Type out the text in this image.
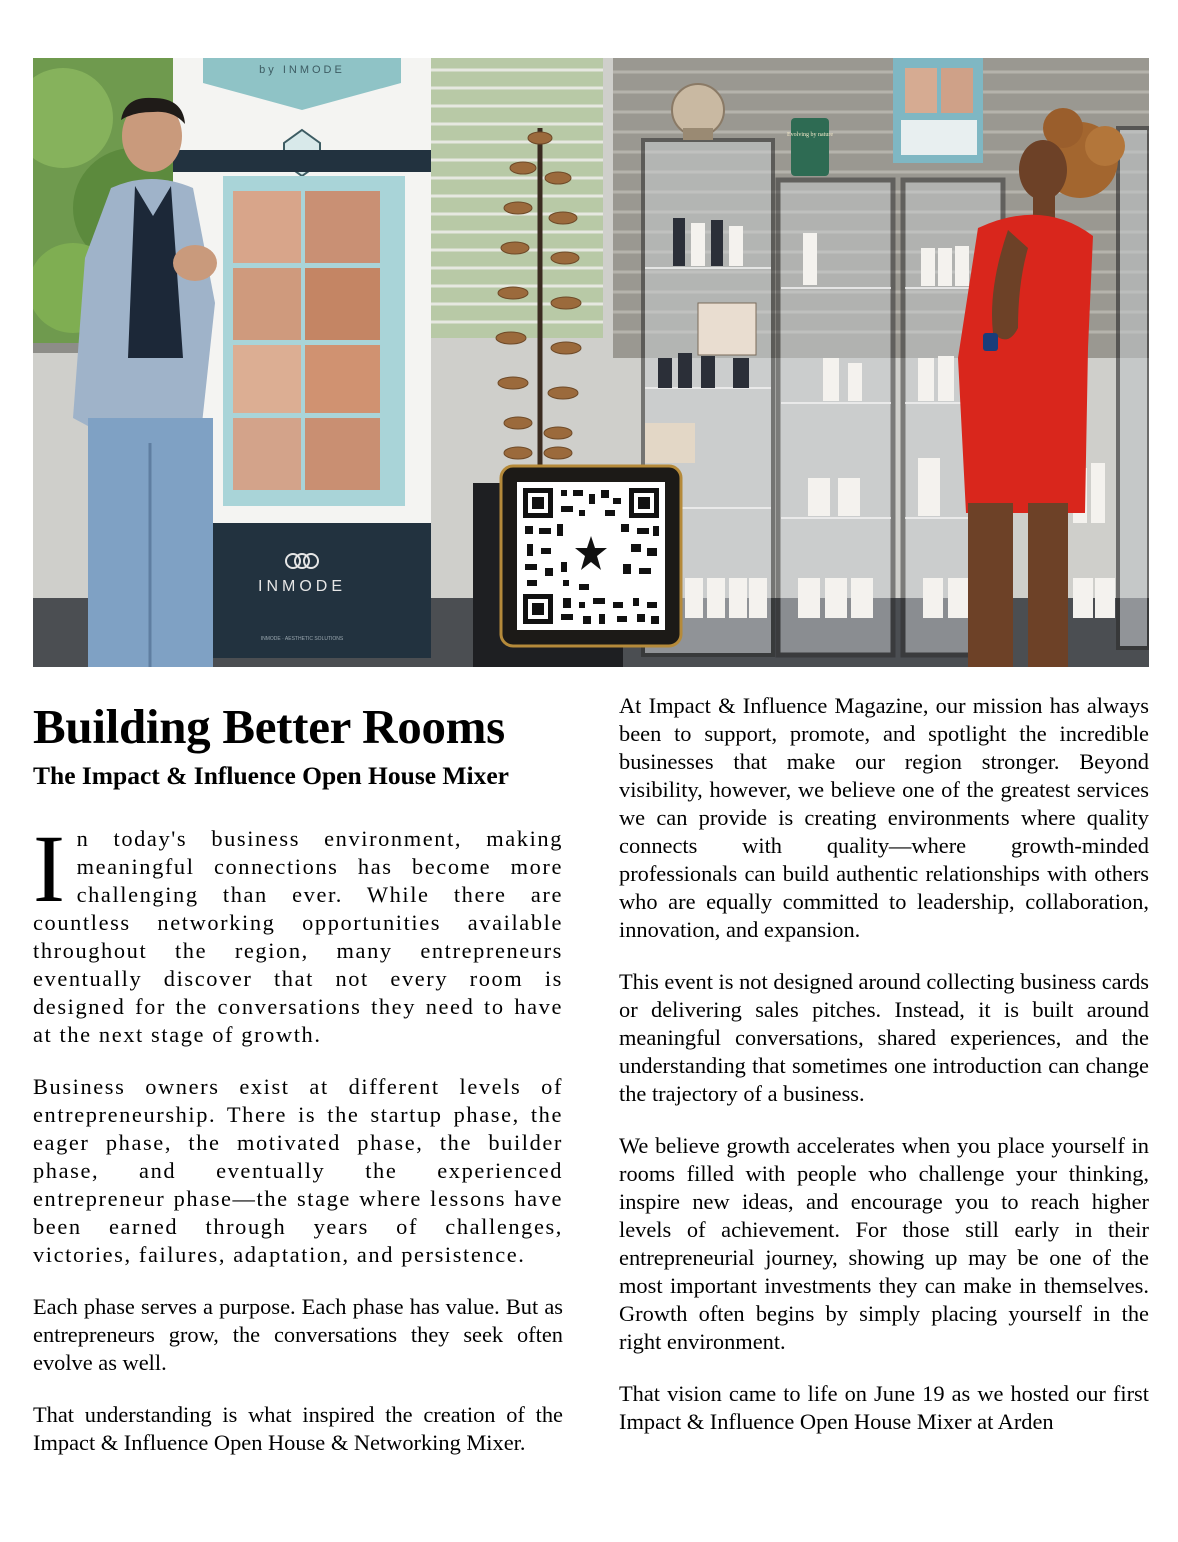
by INMODE
INMODE
INMODE · AESTHETIC SOLUTIONS
Evolving by nature
Building Better Rooms
The Impact & Influence Open House Mixer

In today's business environment, making meaningful connections has become more challenging than ever. While there are countless networking opportunities available throughout the region, many entrepreneurs eventually discover that not every room is designed for the conversations they need to have at the next stage of growth.

Business owners exist at different levels of entrepreneurship. There is the startup phase, the eager phase, the motivated phase, the builder phase, and eventually the experienced entrepreneur phase—the stage where lessons have been earned through years of challenges, victories, failures, adaptation, and persistence.

Each phase serves a purpose. Each phase has value. But as entrepreneurs grow, the conversations they seek often evolve as well.

That understanding is what inspired the creation of the Impact & Influence Open House & Networking Mixer.

At Impact & Influence Magazine, our mission has always been to support, promote, and spotlight the incredible businesses that make our region stronger. Beyond visibility, however, we believe one of the greatest services we can provide is creating environments where quality connects with quality—where growth-minded professionals can build authentic relationships with others who are equally committed to leadership, collaboration, innovation, and expansion.

This event is not designed around collecting business cards or delivering sales pitches. Instead, it is built around meaningful conversations, shared experiences, and the understanding that sometimes one introduction can change the trajectory of a business.

We believe growth accelerates when you place yourself in rooms filled with people who challenge your thinking, inspire new ideas, and encourage you to reach higher levels of achievement. For those still early in their entrepreneurial journey, showing up may be one of the most important investments they can make in themselves. Growth often begins by simply placing yourself in the right environment.

That vision came to life on June 19 as we hosted our first Impact & Influence Open House Mixer at Arden
